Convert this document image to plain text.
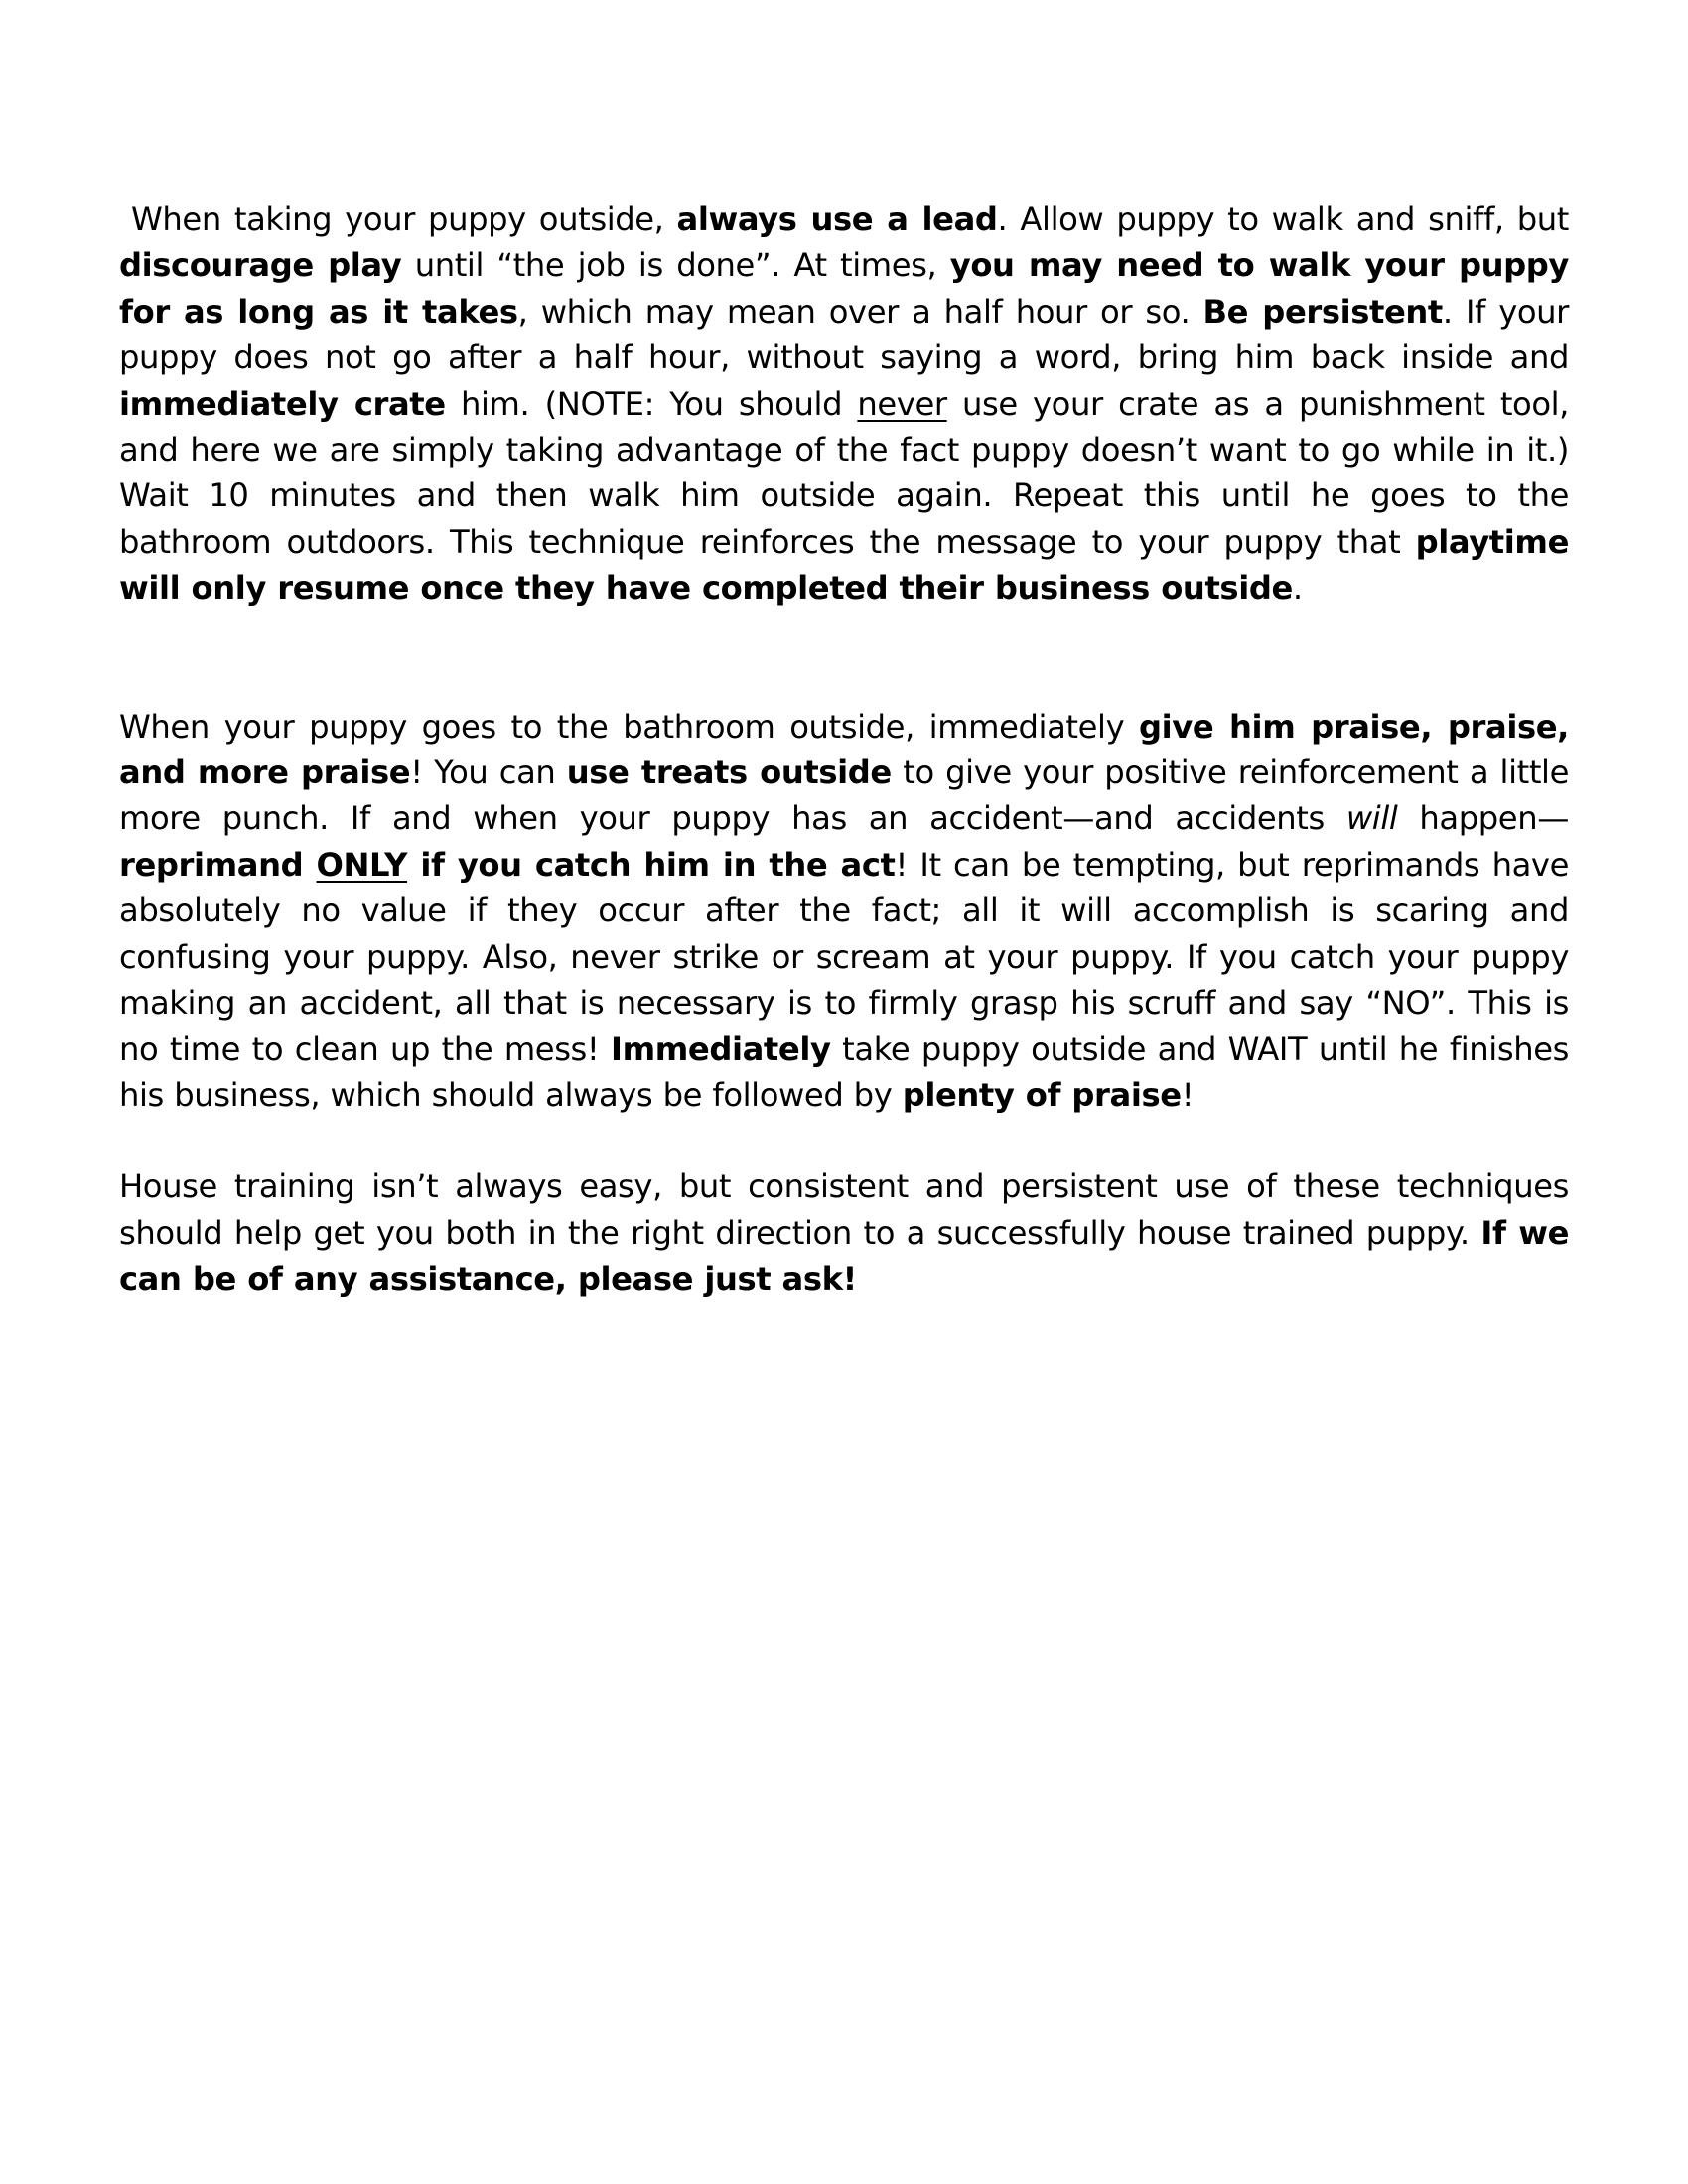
When taking your puppy outside, always use a lead. Allow puppy to walk and sniff, but discourage play until “the job is done”. At times, you may need to walk your puppy for as long as it takes, which may mean over a half hour or so. Be persistent. If your puppy does not go after a half hour, without saying a word, bring him back inside and immediately crate him. (NOTE: You should never use your crate as a punishment tool, and here we are simply taking advantage of the fact puppy doesn’t want to go while in it.) Wait 10 minutes and then walk him outside again. Repeat this until he goes to the bathroom outdoors. This technique reinforces the message to your puppy that playtime will only resume once they have completed their business outside.

When your puppy goes to the bathroom outside, immediately give him praise, praise, and more praise! You can use treats outside to give your positive reinforcement a little more punch. If and when your puppy has an accident—and accidents will happen—reprimand ONLY if you catch him in the act! It can be tempting, but reprimands have absolutely no value if they occur after the fact; all it will accomplish is scaring and confusing your puppy. Also, never strike or scream at your puppy. If you catch your puppy making an accident, all that is necessary is to firmly grasp his scruff and say “NO”. This is no time to clean up the mess! Immediately take puppy outside and WAIT until he finishes his business, which should always be followed by plenty of praise!

House training isn’t always easy, but consistent and persistent use of these techniques should help get you both in the right direction to a successfully house trained puppy. If we can be of any assistance, please just ask!
